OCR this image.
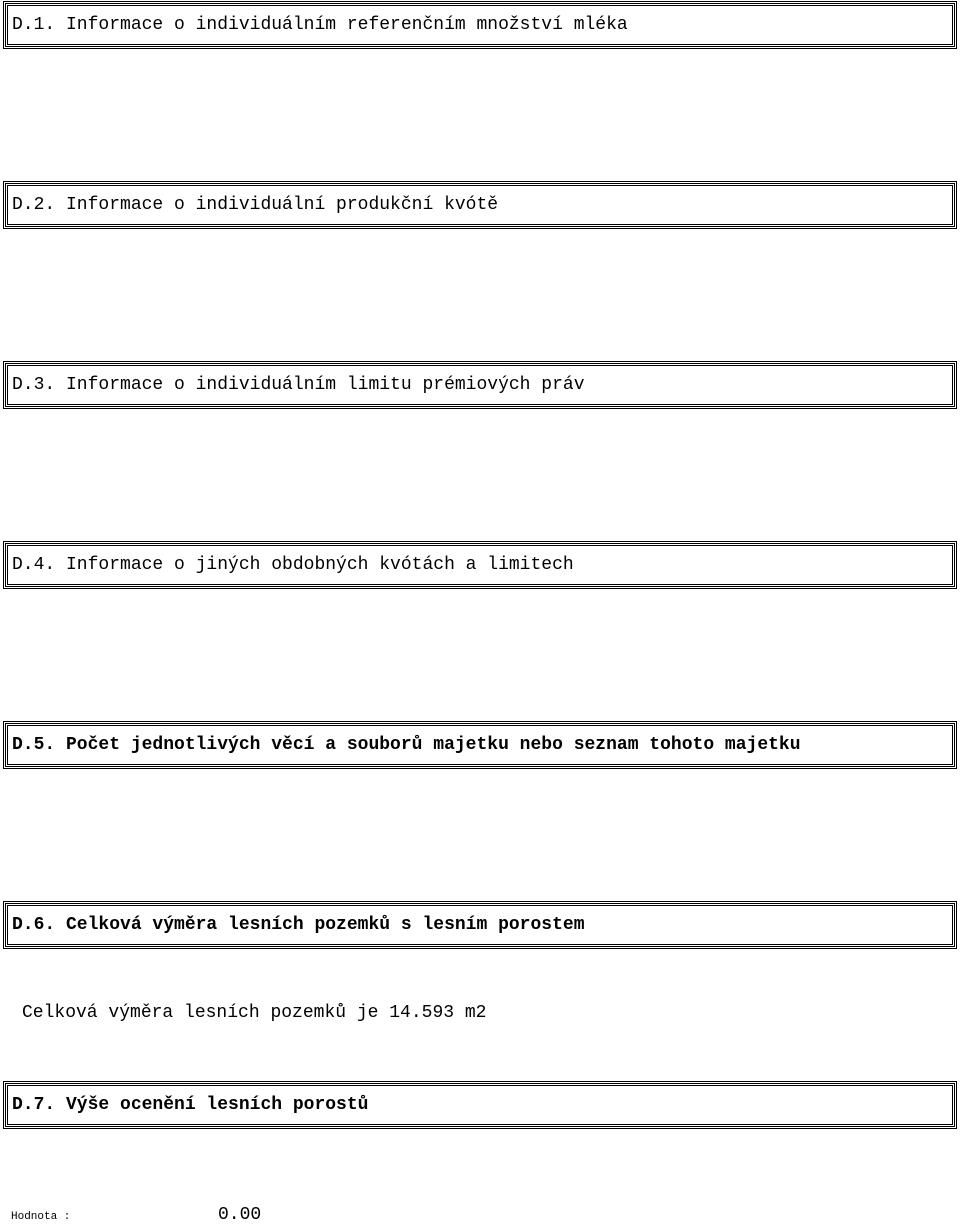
D.1. Informace o individuálním referenčním množství mléka
D.2. Informace o individuální produkční kvótě
D.3. Informace o individuálním limitu prémiových práv
D.4. Informace o jiných obdobných kvótách a limitech
D.5. Počet jednotlivých věcí a souborů majetku nebo seznam tohoto majetku
D.6. Celková výměra lesních pozemků s lesním porostem
Celková výměra lesních pozemků je 14.593 m2
D.7. Výše ocenění lesních porostů
Hodnota :	0.00
